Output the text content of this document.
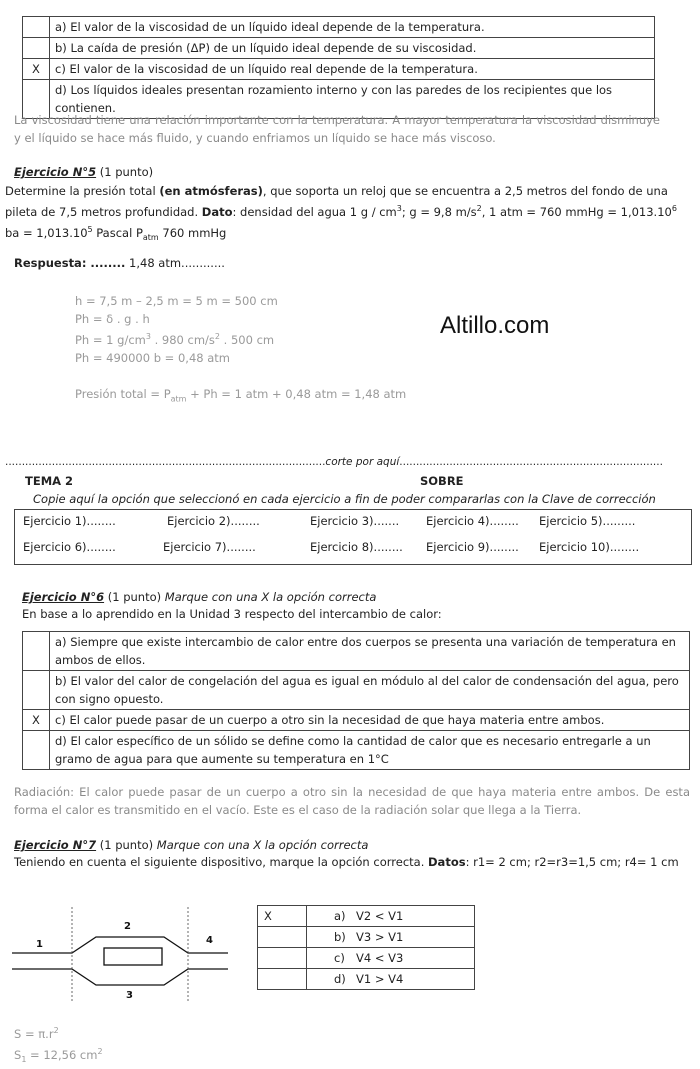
	a) El valor de la viscosidad de un líquido ideal depende de la temperatura.
	b) La caída de presión (ΔP) de un líquido ideal depende de su viscosidad.
X	c) El valor de la viscosidad de un líquido real depende de la temperatura.
	d) Los líquidos ideales presentan rozamiento interno y con las paredes de los recipientes que los contienen.
La viscosidad tiene una relación importante con la temperatura. A mayor temperatura la viscosidad disminuye y el líquido se hace más fluido, y cuando enfriamos un líquido se hace más viscoso.
Ejercicio N°5 (1 punto)
Determine la presión total (en atmósferas), que soporta un reloj que se encuentra a 2,5 metros del fondo de una
pileta de 7,5 metros profundidad. Dato: densidad del agua 1 g / $cm^3$; g = 9,8 $m/s^2$, 1 atm = 760 mmHg = $1,013.10^6$
ba = $1,013.10^5$ Pascal $P_{atm}$ 760 mmHg
Respuesta: ........ 1,48 atm............
h = 7,5 m – 2,5 m = 5 m = 500 cm
Ph = δ . g . h
Ph = 1 $g/cm^3$ . 980 $cm/s^2$ . 500 cm
Ph = 490000 b = 0,48 atm
Presión total = $P_{atm} + Ph = 1$ atm + 0,48 atm = 1,48 atm
Altillo.com
................................................................................................corte por aquí...............................................................................
TEMA 2	SOBRE
Copie aquí la opción que seleccionó en cada ejercicio a fin de poder compararlas con la Clave de corrección
Ejercicio 1)........	Ejercicio 2)........	Ejercicio 3)....... Ejercicio 4)........ Ejercicio 5).........
Ejercicio 6)........	Ejercicio 7)........	Ejercicio 8)........ Ejercicio 9)........ Ejercicio 10)........
Ejercicio N°6 (1 punto) Marque con una X la opción correcta
En base a lo aprendido en la Unidad 3 respecto del intercambio de calor:
	a) Siempre que existe intercambio de calor entre dos cuerpos se presenta una variación de temperatura en ambos de ellos.
	b) El valor del calor de congelación del agua es igual en módulo al del calor de condensación del agua, pero con signo opuesto.
X	c) El calor puede pasar de un cuerpo a otro sin la necesidad de que haya materia entre ambos.
	d) El calor específico de un sólido se define como la cantidad de calor que es necesario entregarle a un gramo de agua para que aumente su temperatura en 1°C
Radiación: El calor puede pasar de un cuerpo a otro sin la necesidad de que haya materia entre ambos. De esta forma el calor es transmitido en el vacío. Este es el caso de la radiación solar que llega a la Tierra.
Ejercicio N°7 (1 punto) Marque con una X la opción correcta
Teniendo en cuenta el siguiente dispositivo, marque la opción correcta. Datos: r1= 2 cm; r2=r3=1,5 cm; r4= 1 cm
1
2
3
4
X	a) V2 < V1
	b) V3 > V1
	c) V4 < V3
	d) V1 > V4
$S = \pi.r^2$
$S_1 = 12,56$ $cm^2$
